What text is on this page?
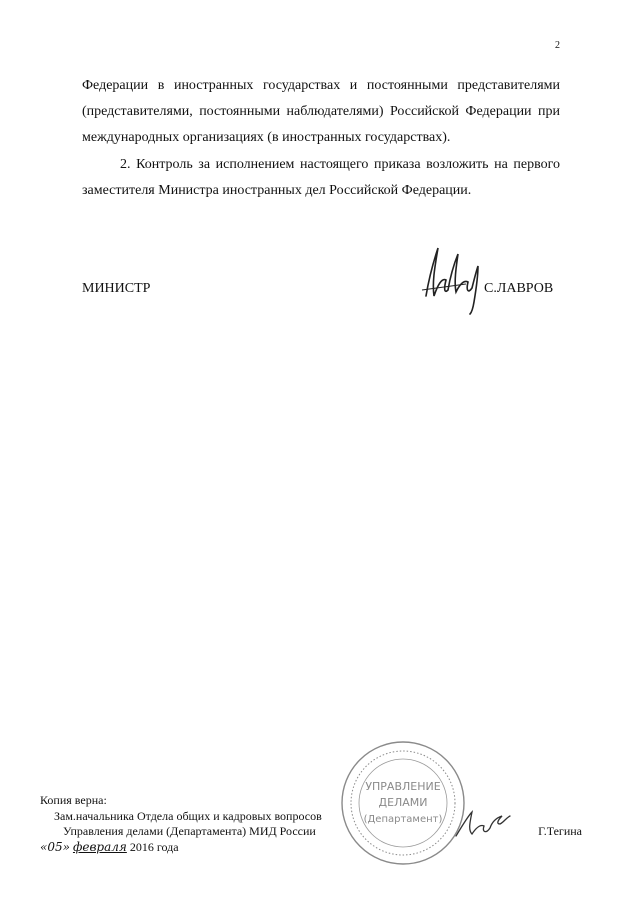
2

Федерации в иностранных государствах и постоянными представителями (представителями, постоянными наблюдателями) Российской Федерации при международных организациях (в иностранных государствах).

2. Контроль за исполнением настоящего приказа возложить на первого заместителя Министра иностранных дел Российской Федерации.

МИНИСТР	С.ЛАВРОВ
УПРАВЛЕНИЕ
ДЕЛАМИ
(Департамент)
Копия верна:
Зам.начальника Отдела общих и кадровых вопросов
Управления делами (Департамента) МИД России	Г.Тегина
«05» февраля 2016 года
